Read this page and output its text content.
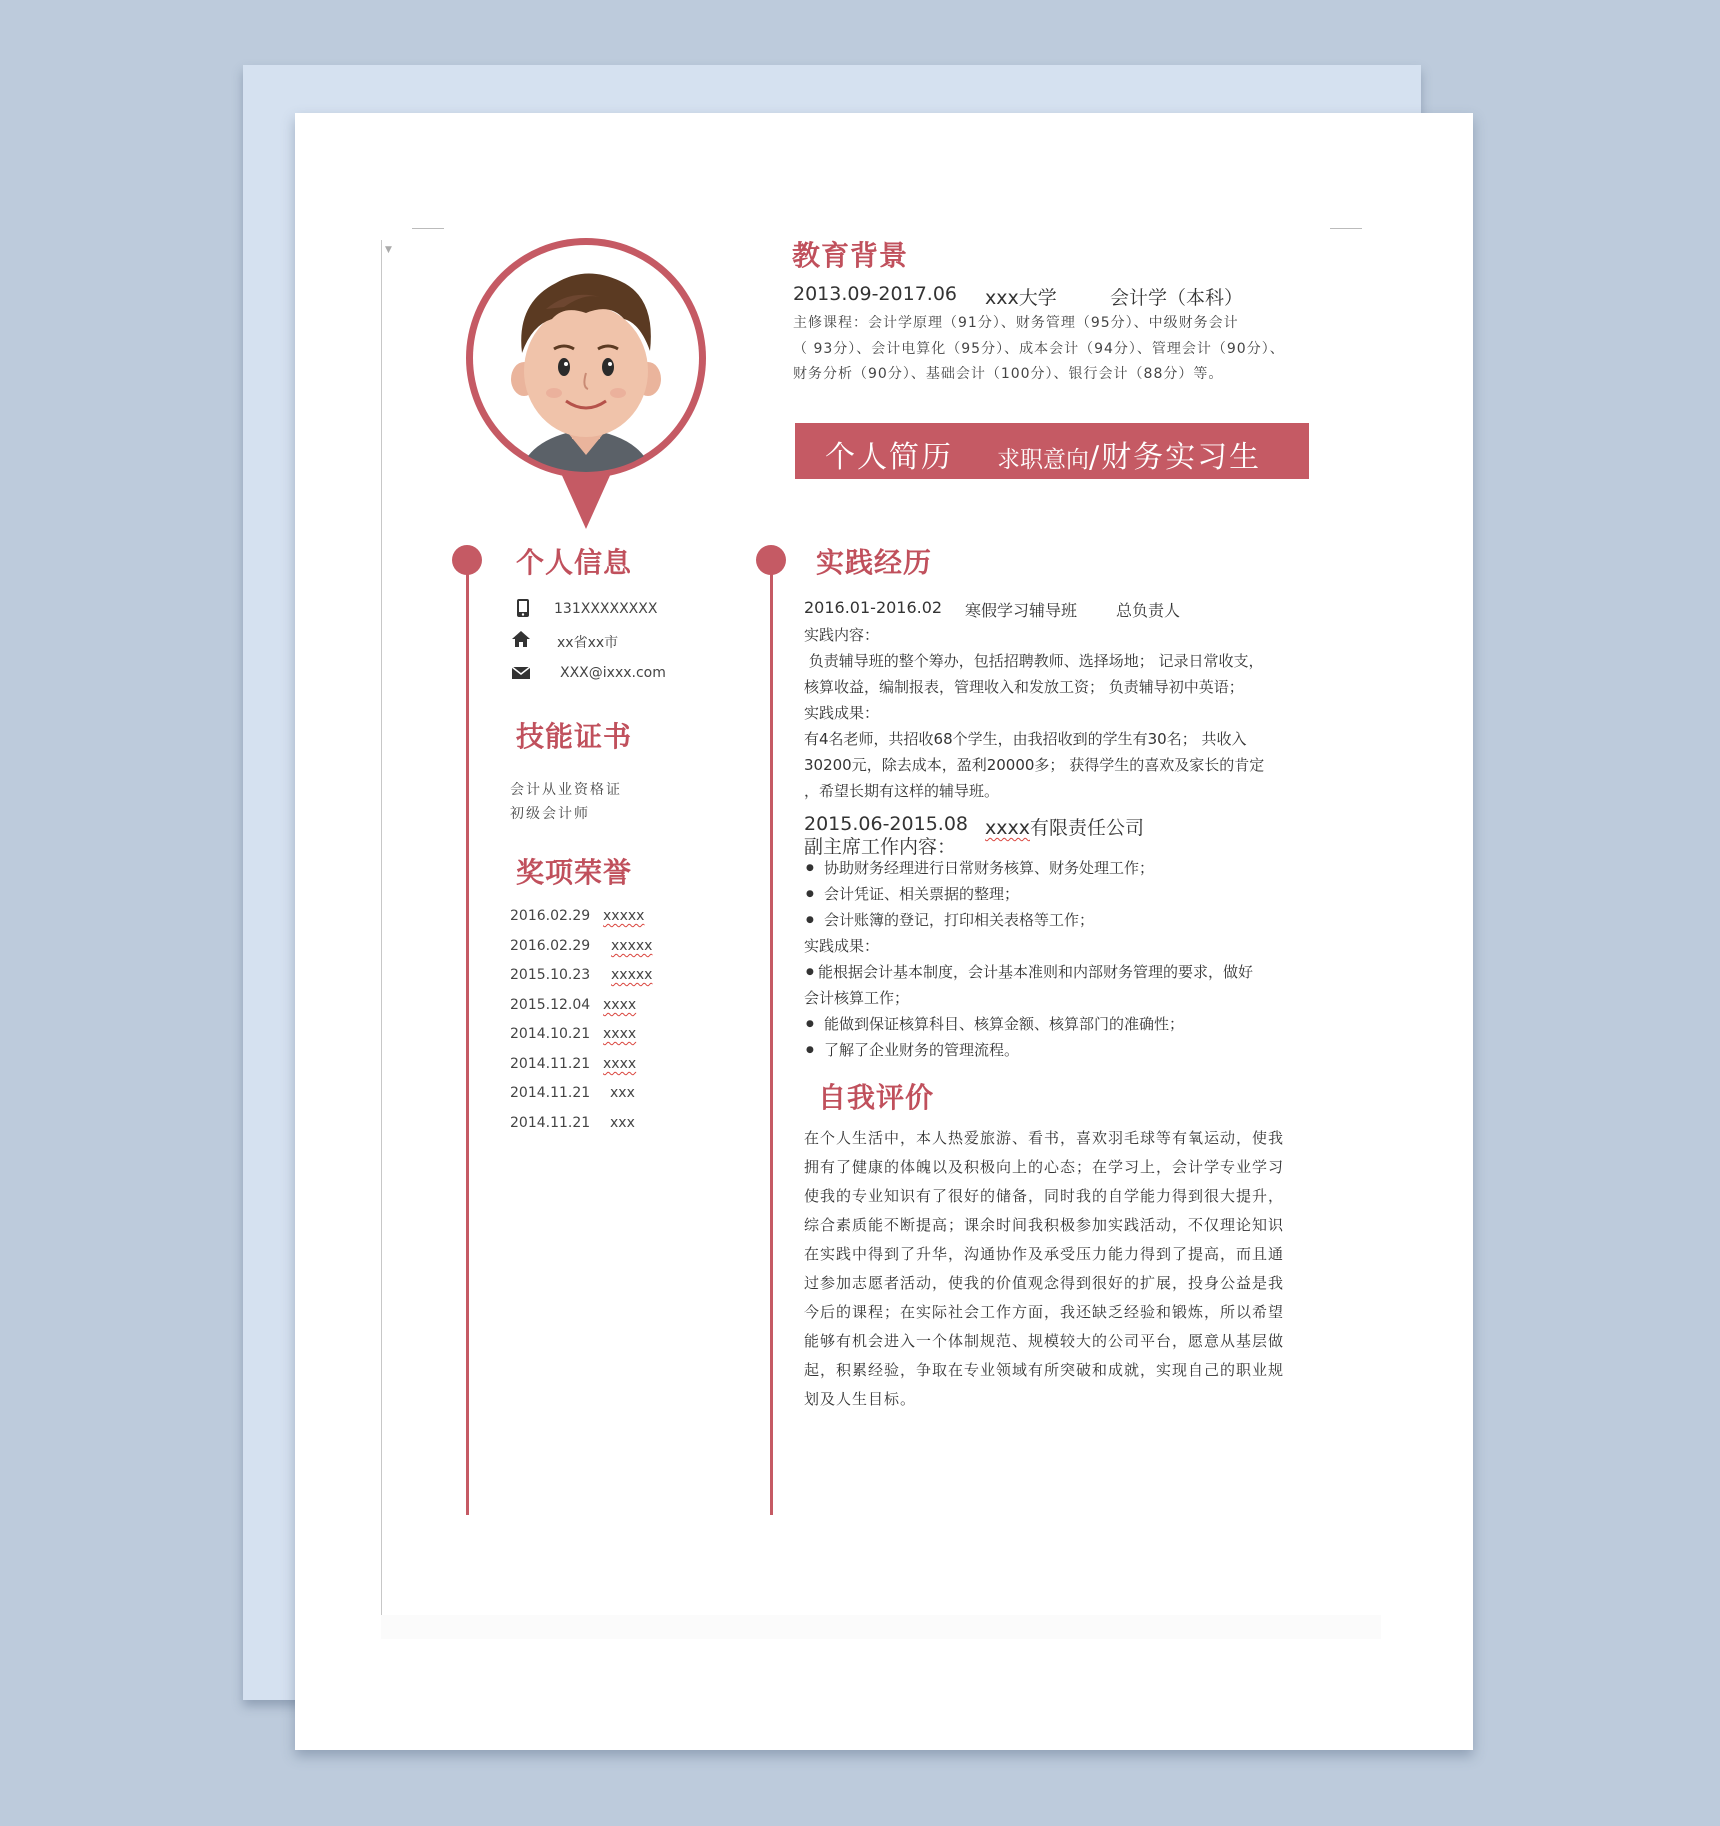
▼	教育背景
2013.09-2017.06 xxx大学	会计学（本科）
主修课程：会计学原理（91分）、财务管理（95分）、中级财务会计
（ 93分）、会计电算化（95分）、成本会计（94分）、管理会计（90分）、
财务分析（90分）、基础会计（100分）、银行会计（88分）等。
个人简历 求职意向 /财务实习生
个人信息
131XXXXXXXX
xx省xx市
XXX@ixxx.com
技能证书
会计从业资格证
初级会计师
奖项荣誉
2016.02.29 xxxxx
2016.02.29 xxxxx
2015.10.23 xxxxx
2015.12.04 xxxx
2014.10.21 xxxx
2014.11.21 xxxx
2014.11.21 xxx
2014.11.21 xxx
实践经历
2016.01-2016.02 寒假学习辅导班 总负责人
实践内容：
负责辅导班的整个筹办，包括招聘教师、选择场地； 记录日常收支，
核算收益，编制报表，管理收入和发放工资； 负责辅导初中英语；
实践成果：
有4名老师，共招收68个学生，由我招收到的学生有30名； 共收入
30200元，除去成本，盈利20000多； 获得学生的喜欢及家长的肯定
，希望长期有这样的辅导班。
2015.06-2015.08 xxxx有限责任公司
副主席工作内容：
● 协助财务经理进行日常财务核算、财务处理工作；
● 会计凭证、相关票据的整理；
● 会计账簿的登记，打印相关表格等工作；
实践成果：
● 能根据会计基本制度，会计基本准则和内部财务管理的要求，做好
会计核算工作；
● 能做到保证核算科目、核算金额、核算部门的准确性；
● 了解了企业财务的管理流程。
自我评价
在个人生活中，本人热爱旅游、看书，喜欢羽毛球等有氧运动，使我
拥有了健康的体魄以及积极向上的心态；在学习上，会计学专业学习
使我的专业知识有了很好的储备，同时我的自学能力得到很大提升，
综合素质能不断提高；课余时间我积极参加实践活动，不仅理论知识
在实践中得到了升华，沟通协作及承受压力能力得到了提高，而且通
过参加志愿者活动，使我的价值观念得到很好的扩展，投身公益是我
今后的课程；在实际社会工作方面，我还缺乏经验和锻炼，所以希望
能够有机会进入一个体制规范、规模较大的公司平台，愿意从基层做
起，积累经验，争取在专业领域有所突破和成就，实现自己的职业规
划及人生目标。
